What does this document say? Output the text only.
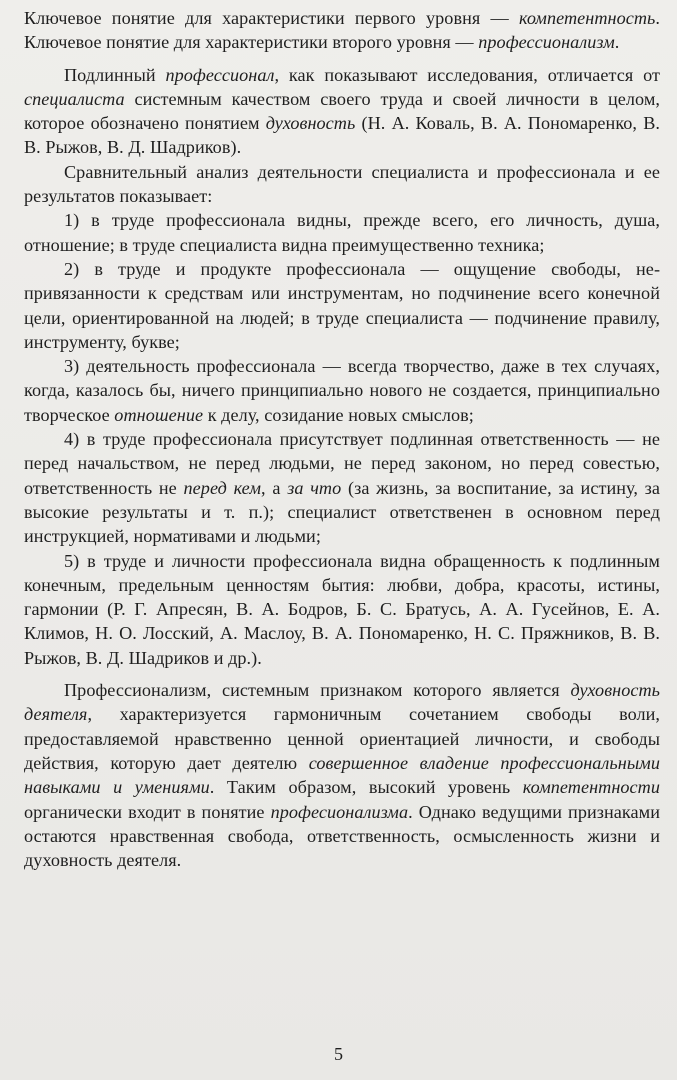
Ключевое понятие для характеристики первого уровня — компетентность. Ключевое понятие для характеристики второго уровня — профессионализм.

Подлинный профессионал, как показывают исследования, отличается от специалиста системным качеством своего труда и своей личности в целом, которое обозначено понятием духовность (Н. А. Коваль, В. А. Пономаренко, В. В. Рыжов, В. Д. Шадриков).

Сравнительный анализ деятельности специалиста и профессионала и ее результатов показывает:

1) в труде профессионала видны, прежде всего, его личность, душа, отношение; в труде специалиста видна преимущественно техника;

2) в труде и продукте профессионала — ощущение свободы, непривязанности к средствам или инструментам, но подчинение всего конечной цели, ориентированной на людей; в труде специалиста — подчинение правилу, инструменту, букве;

3) деятельность профессионала — всегда творчество, даже в тех случаях, когда, казалось бы, ничего принципиально нового не создается, принципиально творческое отношение к делу, созидание новых смыслов;

4) в труде профессионала присутствует подлинная ответственность — не перед начальством, не перед людьми, не перед законом, но перед совестью, ответственность не перед кем, а за что (за жизнь, за воспитание, за истину, за высокие результаты и т. п.); специалист ответственен в основном перед инструкцией, нормативами и людьми;

5) в труде и личности профессионала видна обращенность к подлинным конечным, предельным ценностям бытия: любви, добра, красоты, истины, гармонии (Р. Г. Апресян, В. А. Бодров, Б. С. Братусь, А. А. Гусейнов, Е. А. Климов, Н. О. Лосский, А. Маслоу, В. А. Пономаренко, Н. С. Пряжников, В. В. Рыжов, В. Д. Шадриков и др.).

Профессионализм, системным признаком которого является духовность деятеля, характеризуется гармоничным сочетанием свободы воли, предоставляемой нравственно ценной ориентацией личности, и свободы действия, которую дает деятелю совершенное владение профессиональными навыками и умениями. Таким образом, высокий уровень компетентности органически входит в понятие професионализма. Однако ведущими признаками остаются нравственная свобода, ответственность, осмысленность жизни и духовность деятеля.

5
